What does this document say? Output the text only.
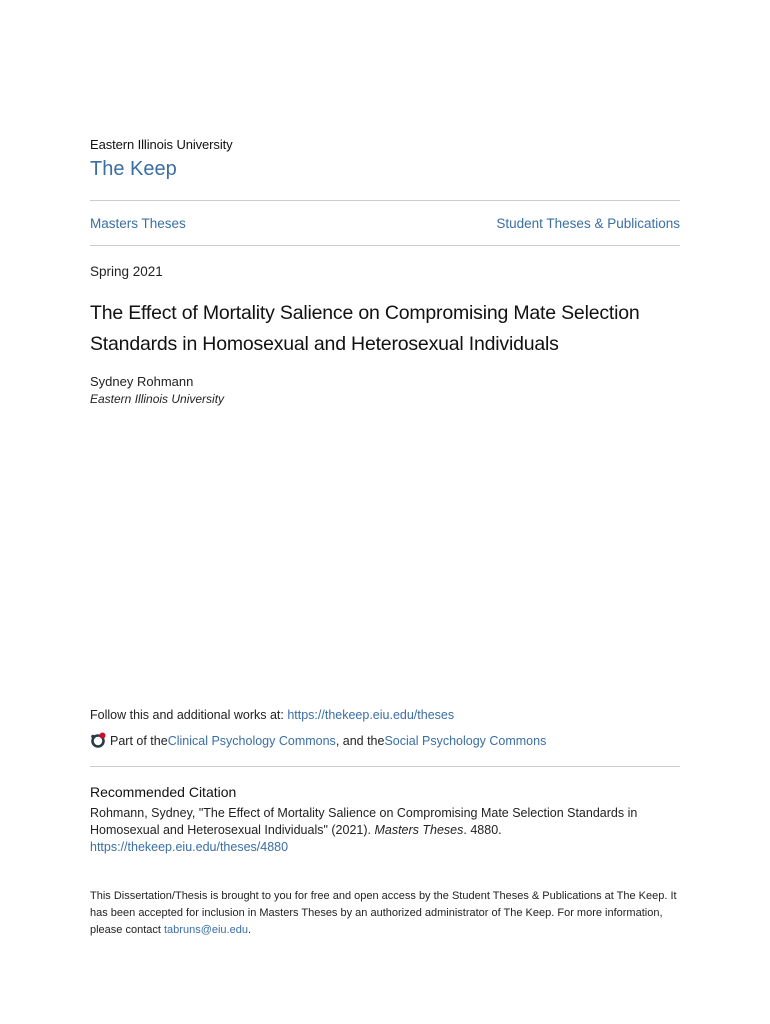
Eastern Illinois University
The Keep
Masters Theses	Student Theses & Publications
Spring 2021
The Effect of Mortality Salience on Compromising Mate Selection
Standards in Homosexual and Heterosexual Individuals
Sydney Rohmann
Eastern Illinois University
Follow this and additional works at: https://thekeep.eiu.edu/theses
Part of the Clinical Psychology Commons , and the Social Psychology Commons
Recommended Citation
Rohmann, Sydney, "The Effect of Mortality Salience on Compromising Mate Selection Standards in
Homosexual and Heterosexual Individuals" (2021). Masters Theses. 4880.
https://thekeep.eiu.edu/theses/4880
This Dissertation/Thesis is brought to you for free and open access by the Student Theses & Publications at The Keep. It has been accepted for inclusion in Masters Theses by an authorized administrator of The Keep. For more information, please contact tabruns@eiu.edu.
